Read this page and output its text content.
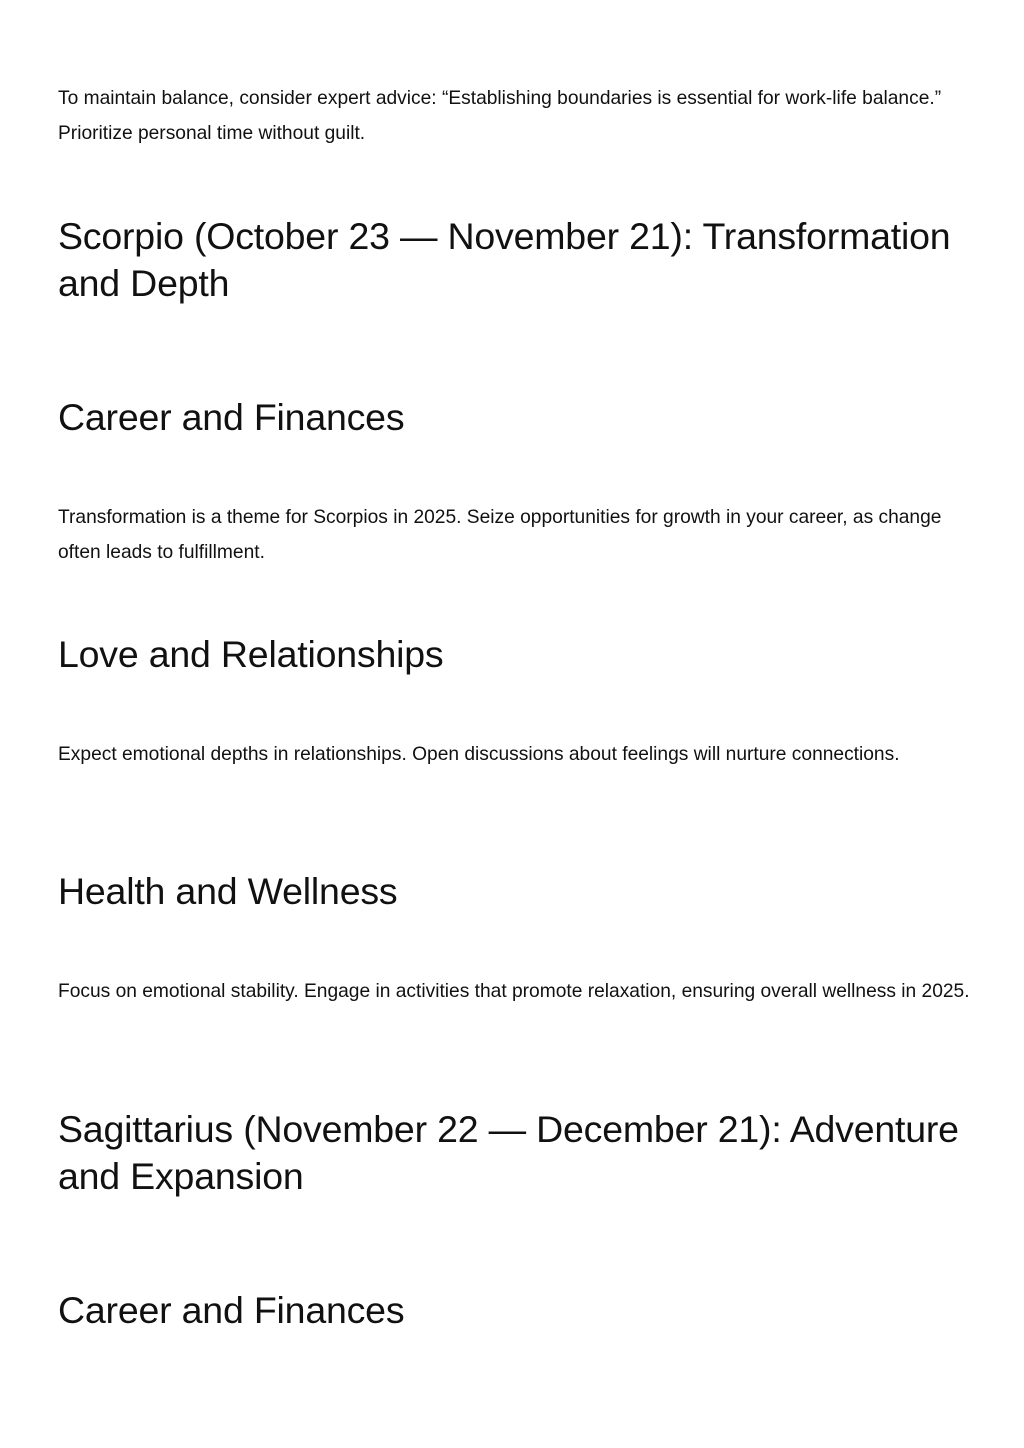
To maintain balance, consider expert advice: “Establishing boundaries is essential for work-life balance.” Prioritize personal time without guilt.

Scorpio (October 23 — November 21): Transformation and Depth
Career and Finances

Transformation is a theme for Scorpios in 2025. Seize opportunities for growth in your career, as change often leads to fulfillment.

Love and Relationships

Expect emotional depths in relationships. Open discussions about feelings will nurture connections.

Health and Wellness

Focus on emotional stability. Engage in activities that promote relaxation, ensuring overall wellness in 2025.

Sagittarius (November 22 — December 21): Adventure and Expansion
Career and Finances
